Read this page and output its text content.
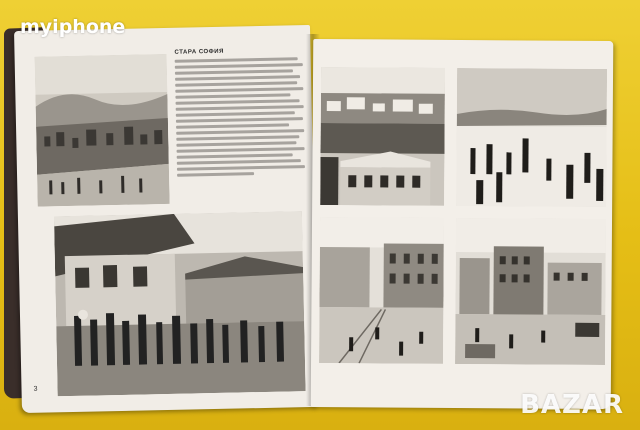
СТАРА СОФИЯ
3
myiphone
BAZAR
